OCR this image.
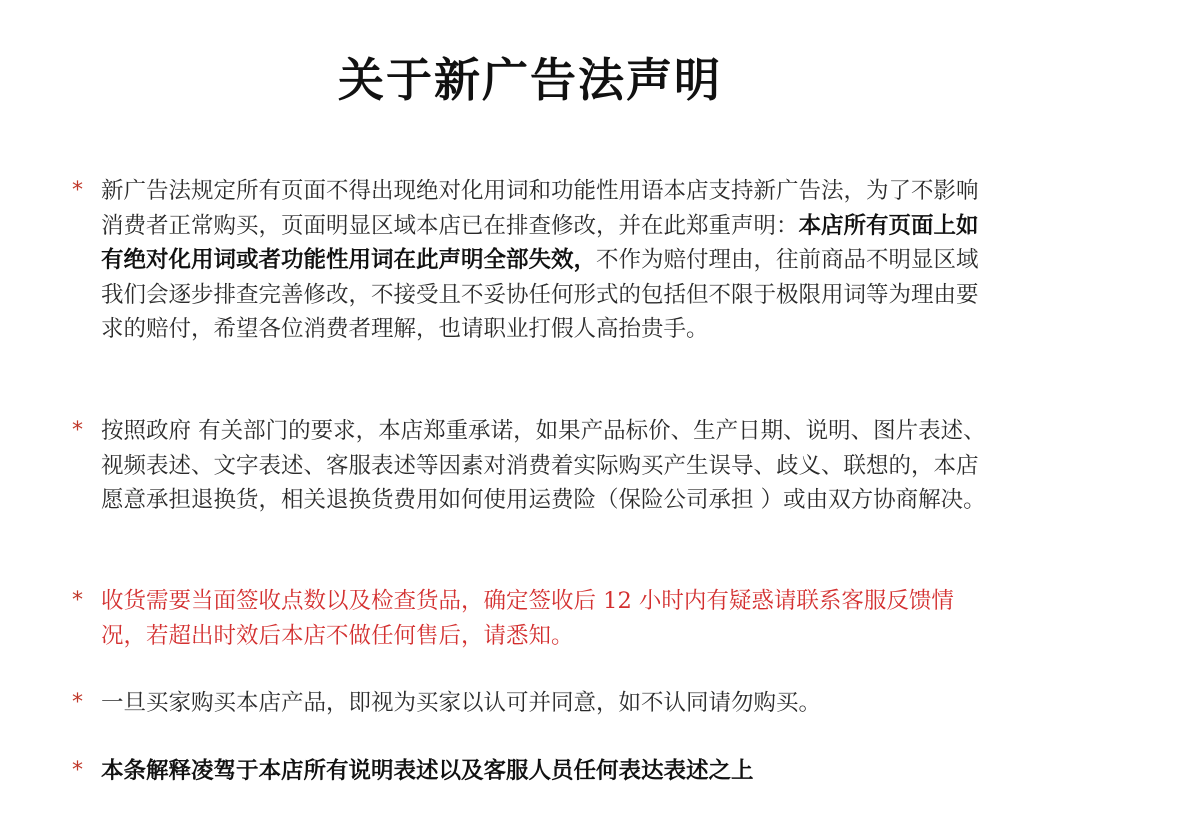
关于新广告法声明
* 新广告法规定所有页面不得出现绝对化用词和功能性用语本店支持新广告法，为了不影响消费者正常购买，页面明显区域本店已在排查修改，并在此郑重声明：本店所有页面上如有绝对化用词或者功能性用词在此声明全部失效，不作为赔付理由，往前商品不明显区域我们会逐步排查完善修改，不接受且不妥协任何形式的包括但不限于极限用词等为理由要求的赔付，希望各位消费者理解，也请职业打假人高抬贵手。
* 按照政府 有关部门的要求，本店郑重承诺，如果产品标价、生产日期、说明、图片表述、视频表述、文字表述、客服表述等因素对消费着实际购买产生误导、歧义、联想的，本店愿意承担退换货，相关退换货费用如何使用运费险（保险公司承担 ）或由双方协商解决。
* 收货需要当面签收点数以及检查货品，确定签收后 12 小时内有疑惑请联系客服反馈情况，若超出时效后本店不做任何售后，请悉知。
* 一旦买家购买本店产品，即视为买家以认可并同意，如不认同请勿购买。
* 本条解释凌驾于本店所有说明表述以及客服人员任何表达表述之上
